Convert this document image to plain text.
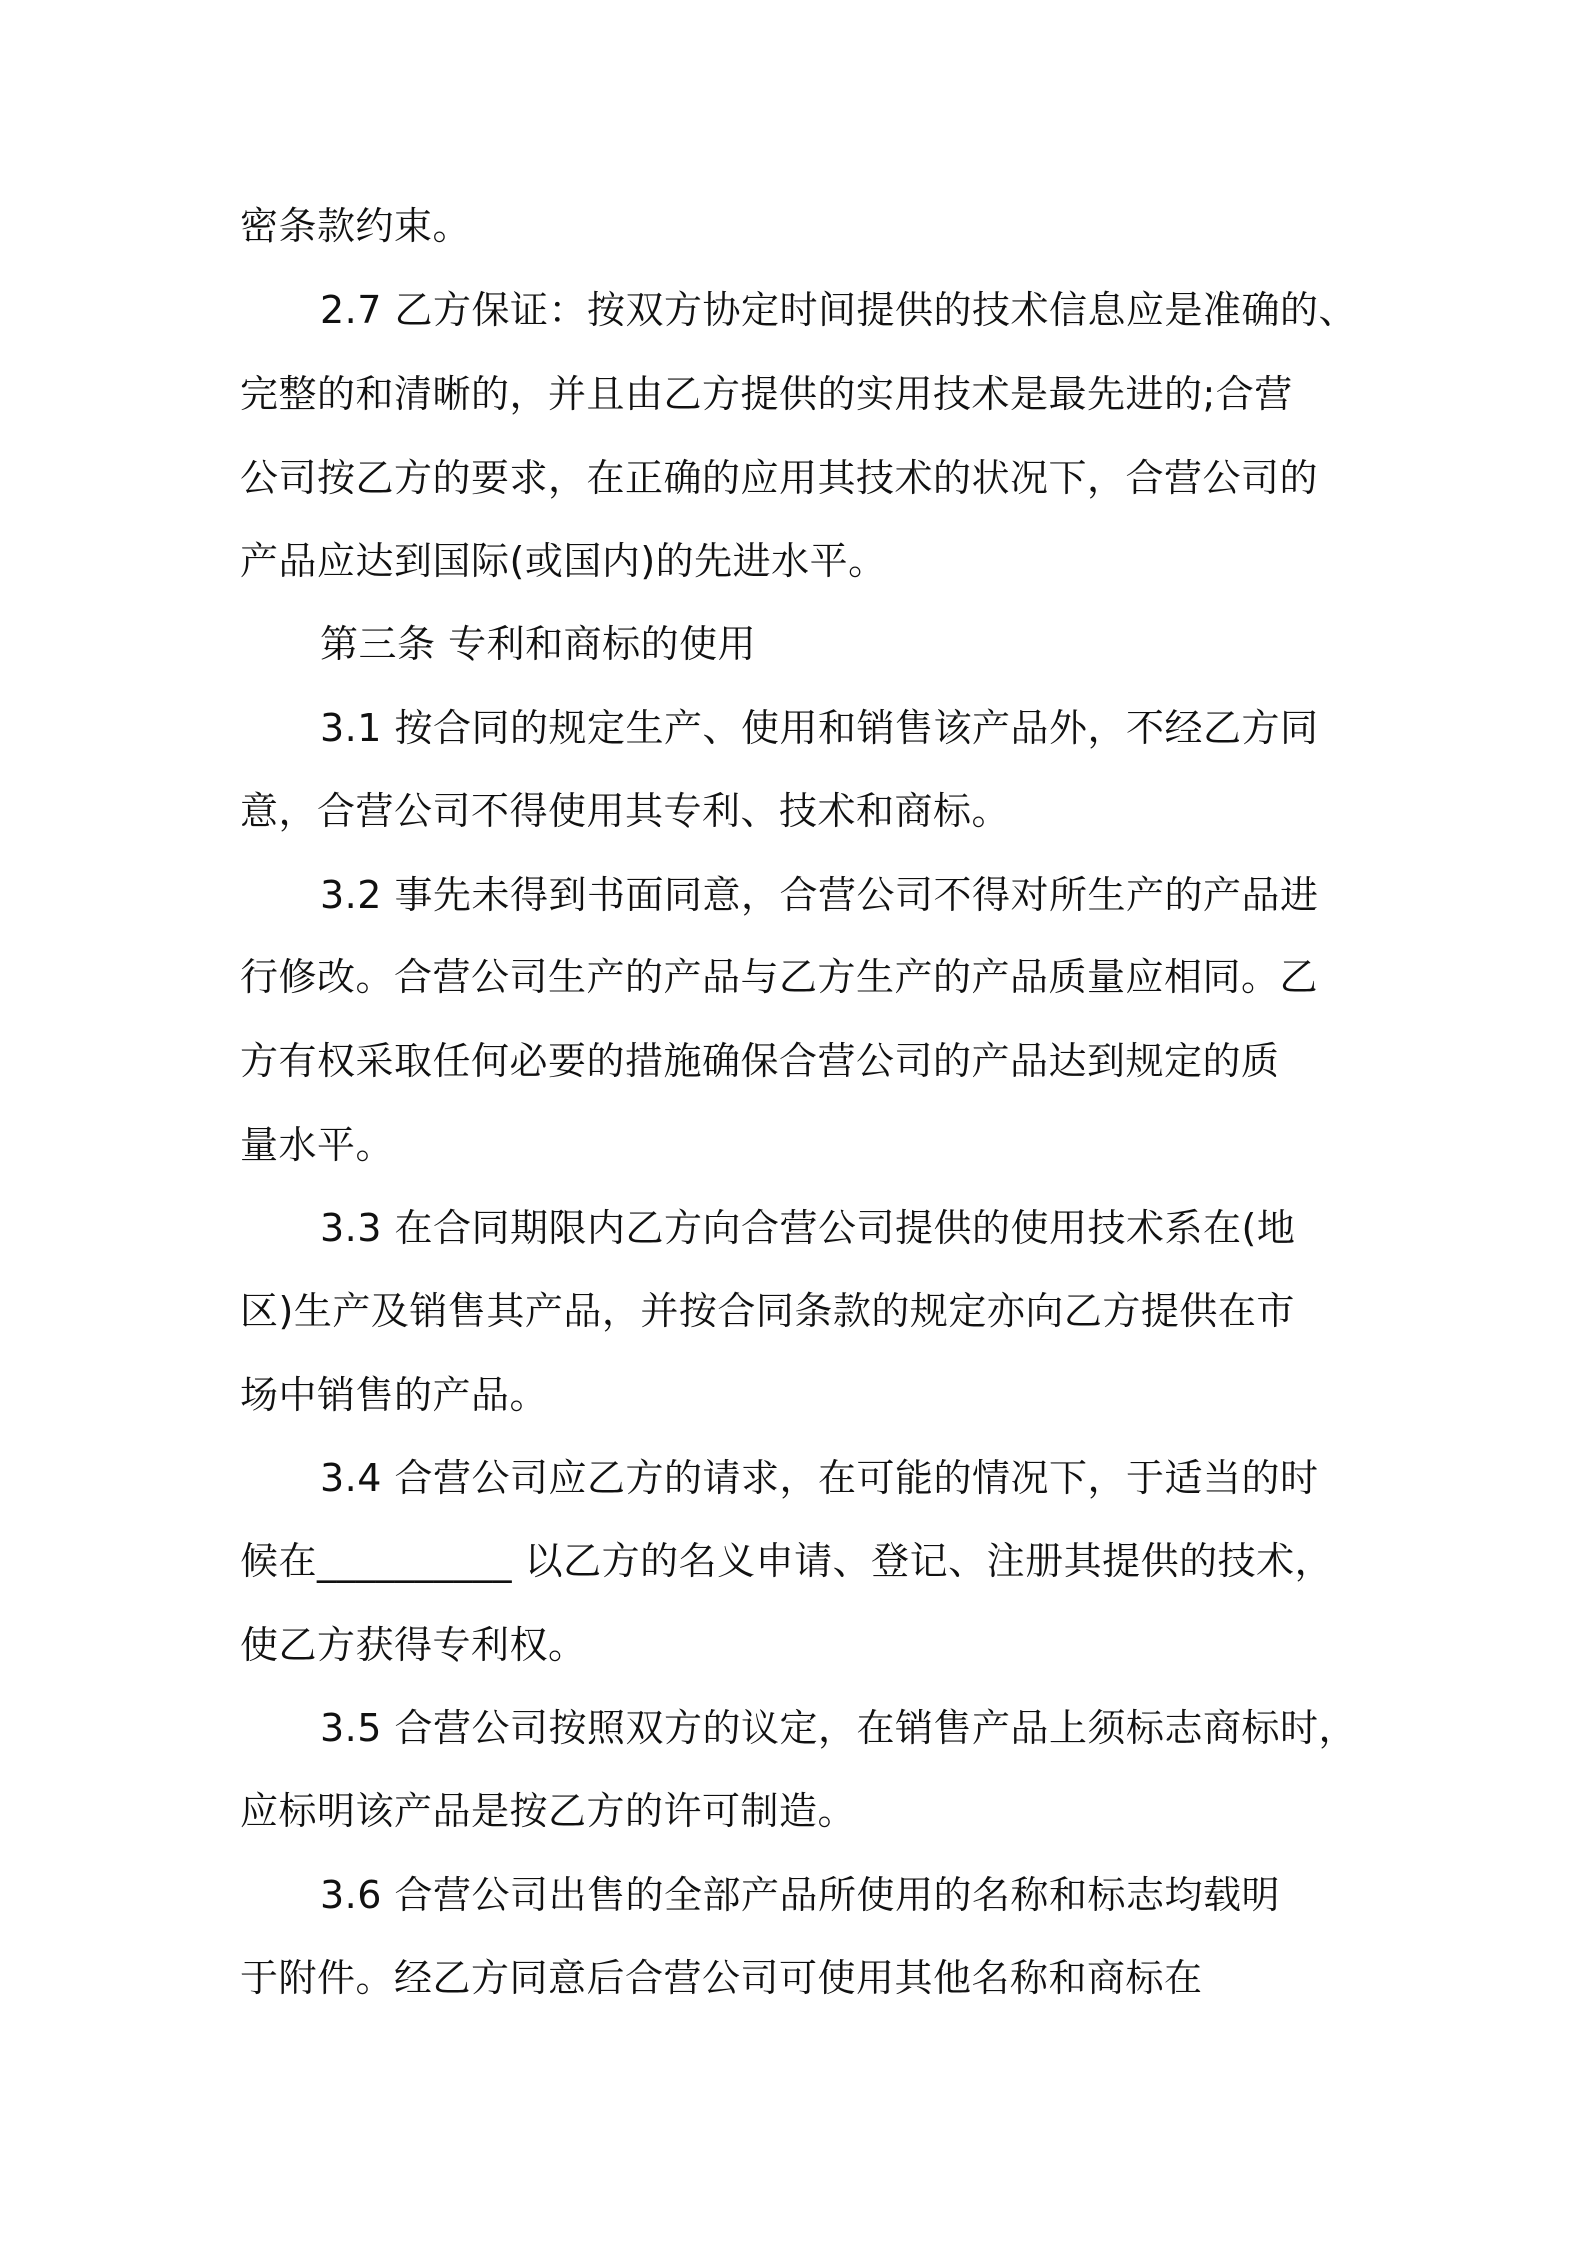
密条款约束。
2.7 乙方保证：按双方协定时间提供的技术信息应是准确的、
完整的和清晰的，并且由乙方提供的实用技术是最先进的;合营
公司按乙方的要求，在正确的应用其技术的状况下，合营公司的
产品应达到国际(或国内)的先进水平。
第三条 专利和商标的使用
3.1 按合同的规定生产、使用和销售该产品外，不经乙方同
意，合营公司不得使用其专利、技术和商标。
3.2 事先未得到书面同意，合营公司不得对所生产的产品进
行修改。合营公司生产的产品与乙方生产的产品质量应相同。乙
方有权采取任何必要的措施确保合营公司的产品达到规定的质
量水平。
3.3 在合同期限内乙方向合营公司提供的使用技术系在(地
区)生产及销售其产品，并按合同条款的规定亦向乙方提供在市
场中销售的产品。
3.4 合营公司应乙方的请求，在可能的情况下，于适当的时
候在__________ 以乙方的名义申请、登记、注册其提供的技术，
使乙方获得专利权。
3.5 合营公司按照双方的议定，在销售产品上须标志商标时，
应标明该产品是按乙方的许可制造。
3.6 合营公司出售的全部产品所使用的名称和标志均载明
于附件。经乙方同意后合营公司可使用其他名称和商标在
